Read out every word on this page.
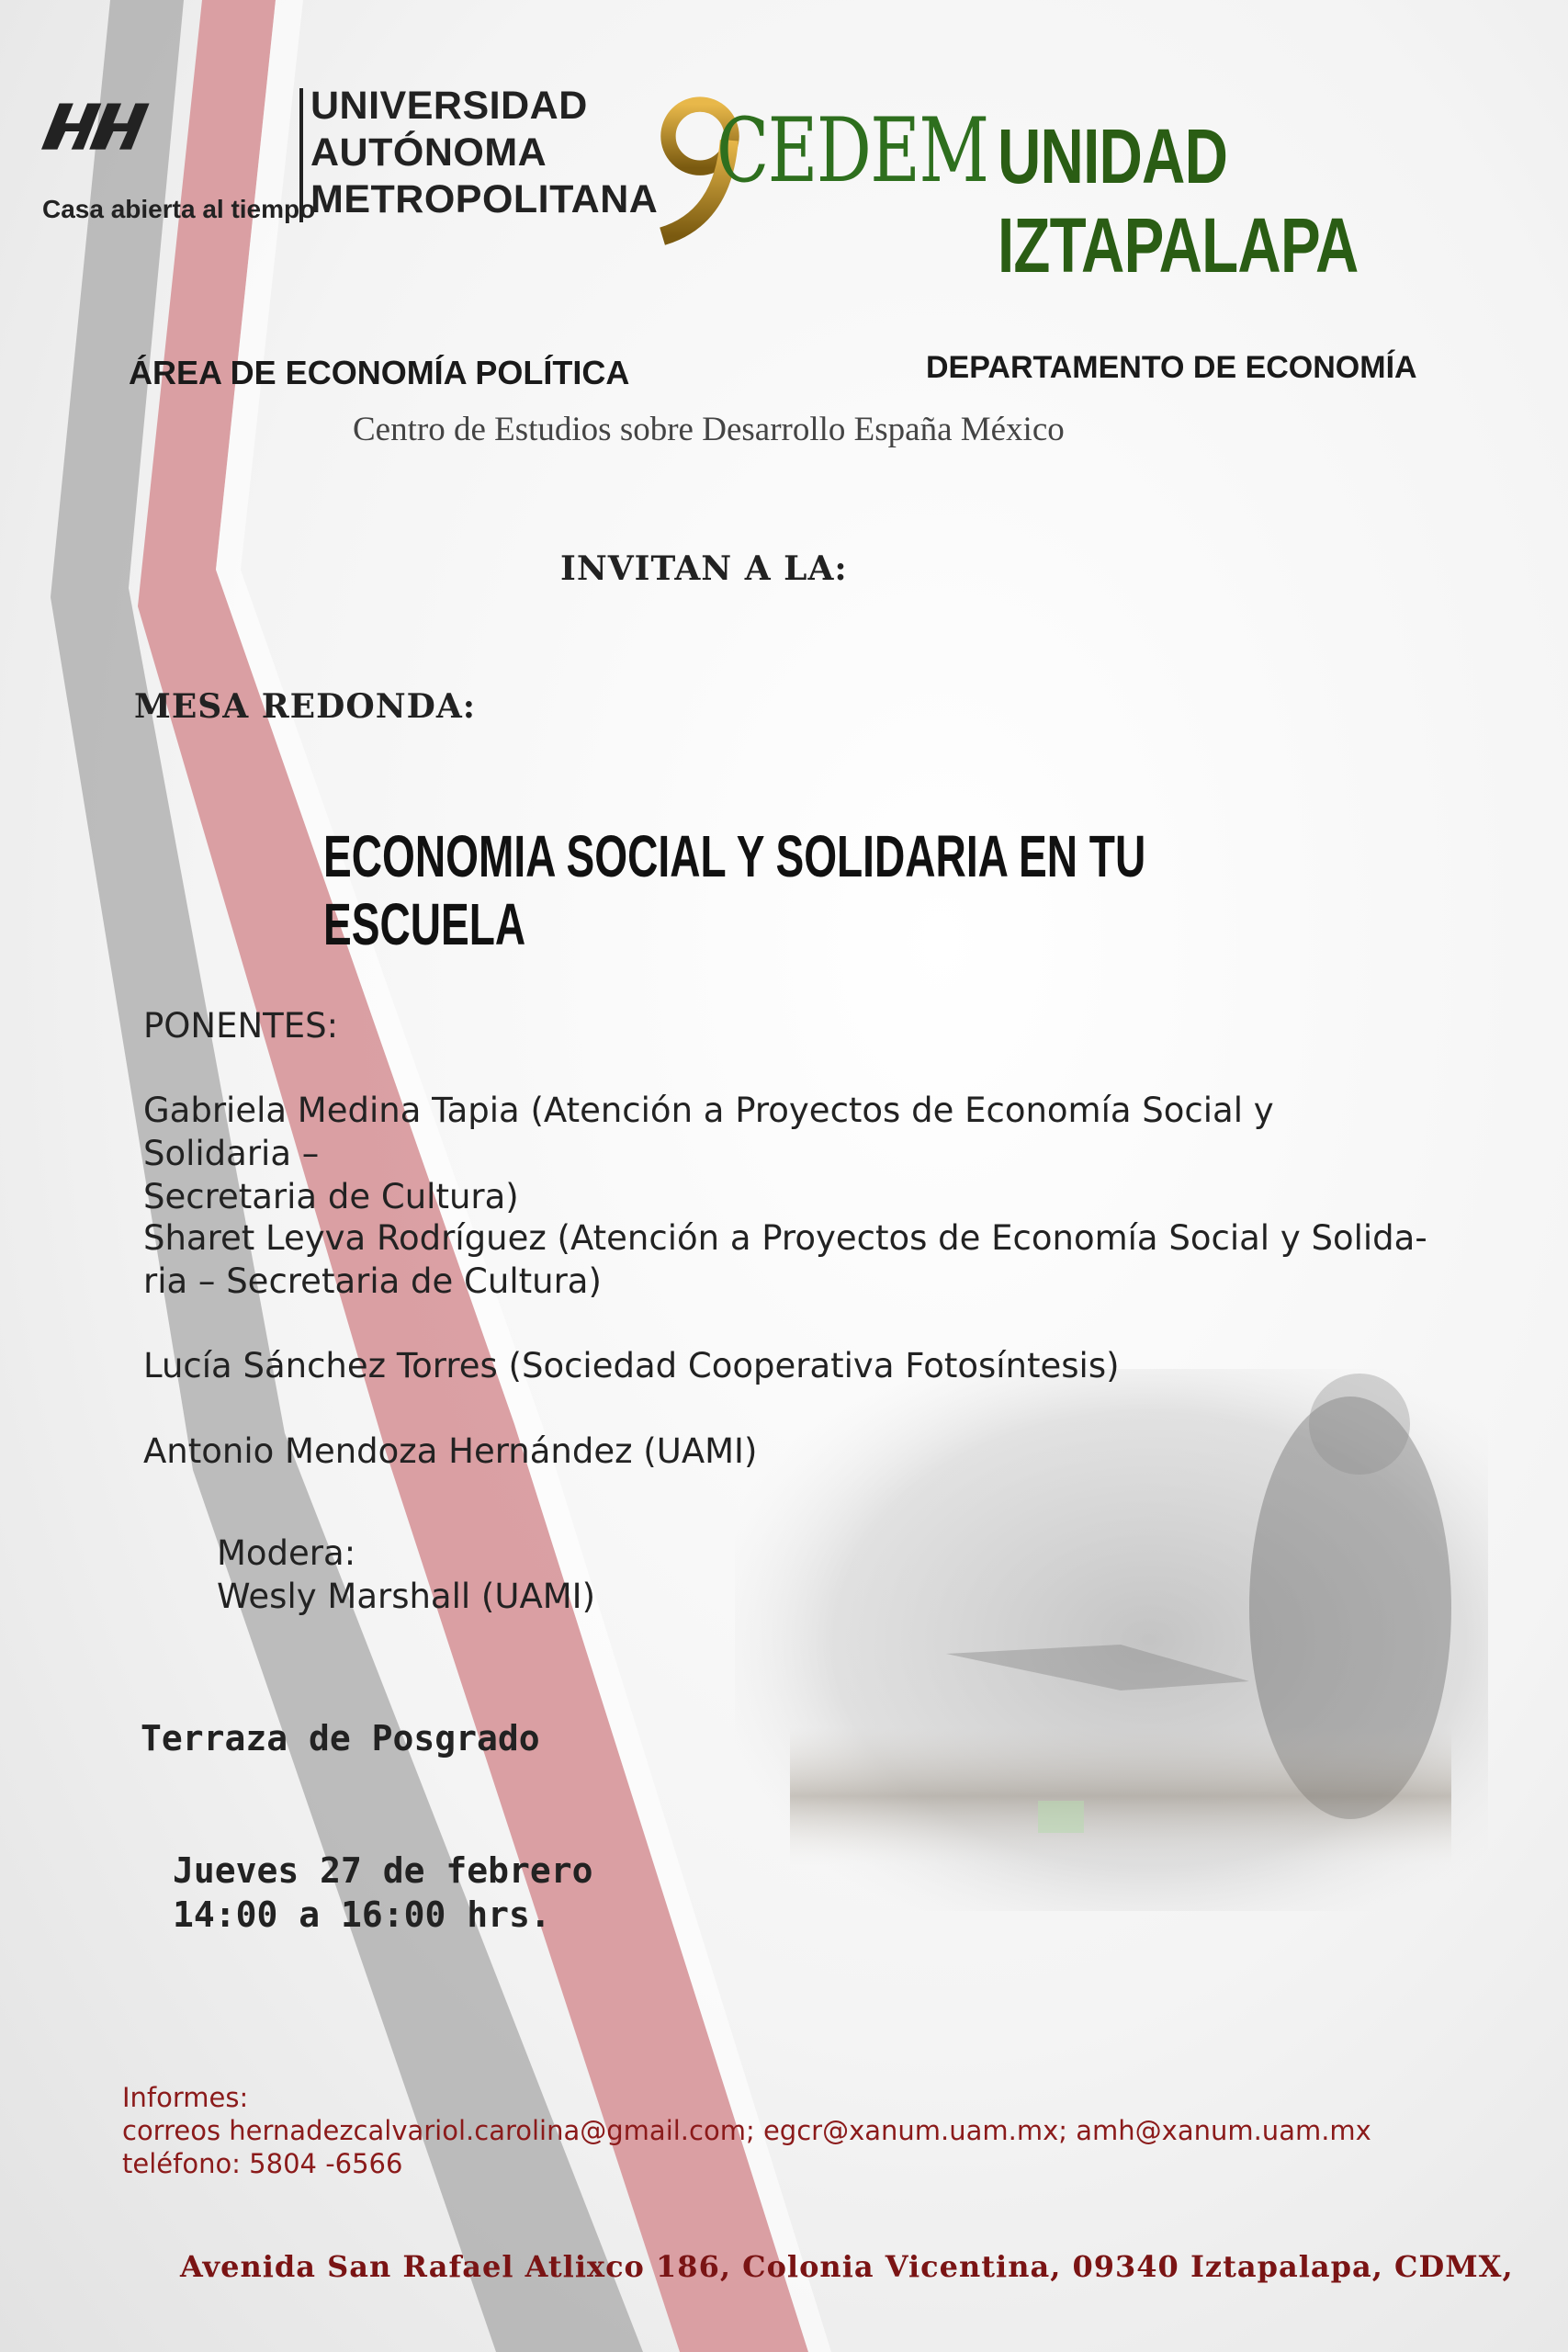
UNIVERSIDAD
AUTÓNOMA
METROPOLITANA
Casa abierta al tiempo
CEDEM UNIDAD IZTAPALAPA
ÁREA DE ECONOMÍA POLÍTICA	DEPARTAMENTO DE ECONOMÍA
Centro de Estudios sobre Desarrollo España México
INVITAN A LA:
MESA REDONDA:
ECONOMIA SOCIAL Y SOLIDARIA EN TU ESCUELA
PONENTES:
Gabriela Medina Tapia (Atención a Proyectos de Economía Social y Solidaria –
Secretaria de Cultura)
Sharet Leyva Rodríguez (Atención a Proyectos de Economía Social y Solida-
ria – Secretaria de Cultura)
Lucía Sánchez Torres (Sociedad Cooperativa Fotosíntesis)
Antonio Mendoza Hernández (UAMI)
Modera:
Wesly Marshall (UAMI)
Terraza de Posgrado
Jueves 27 de febrero
14:00 a 16:00 hrs.
Informes:
correos hernadezcalvariol.carolina@gmail.com; egcr@xanum.uam.mx; amh@xanum.uam.mx
teléfono: 5804 -6566
Avenida San Rafael Atlixco 186, Colonia Vicentina, 09340 Iztapalapa, CDMX,
